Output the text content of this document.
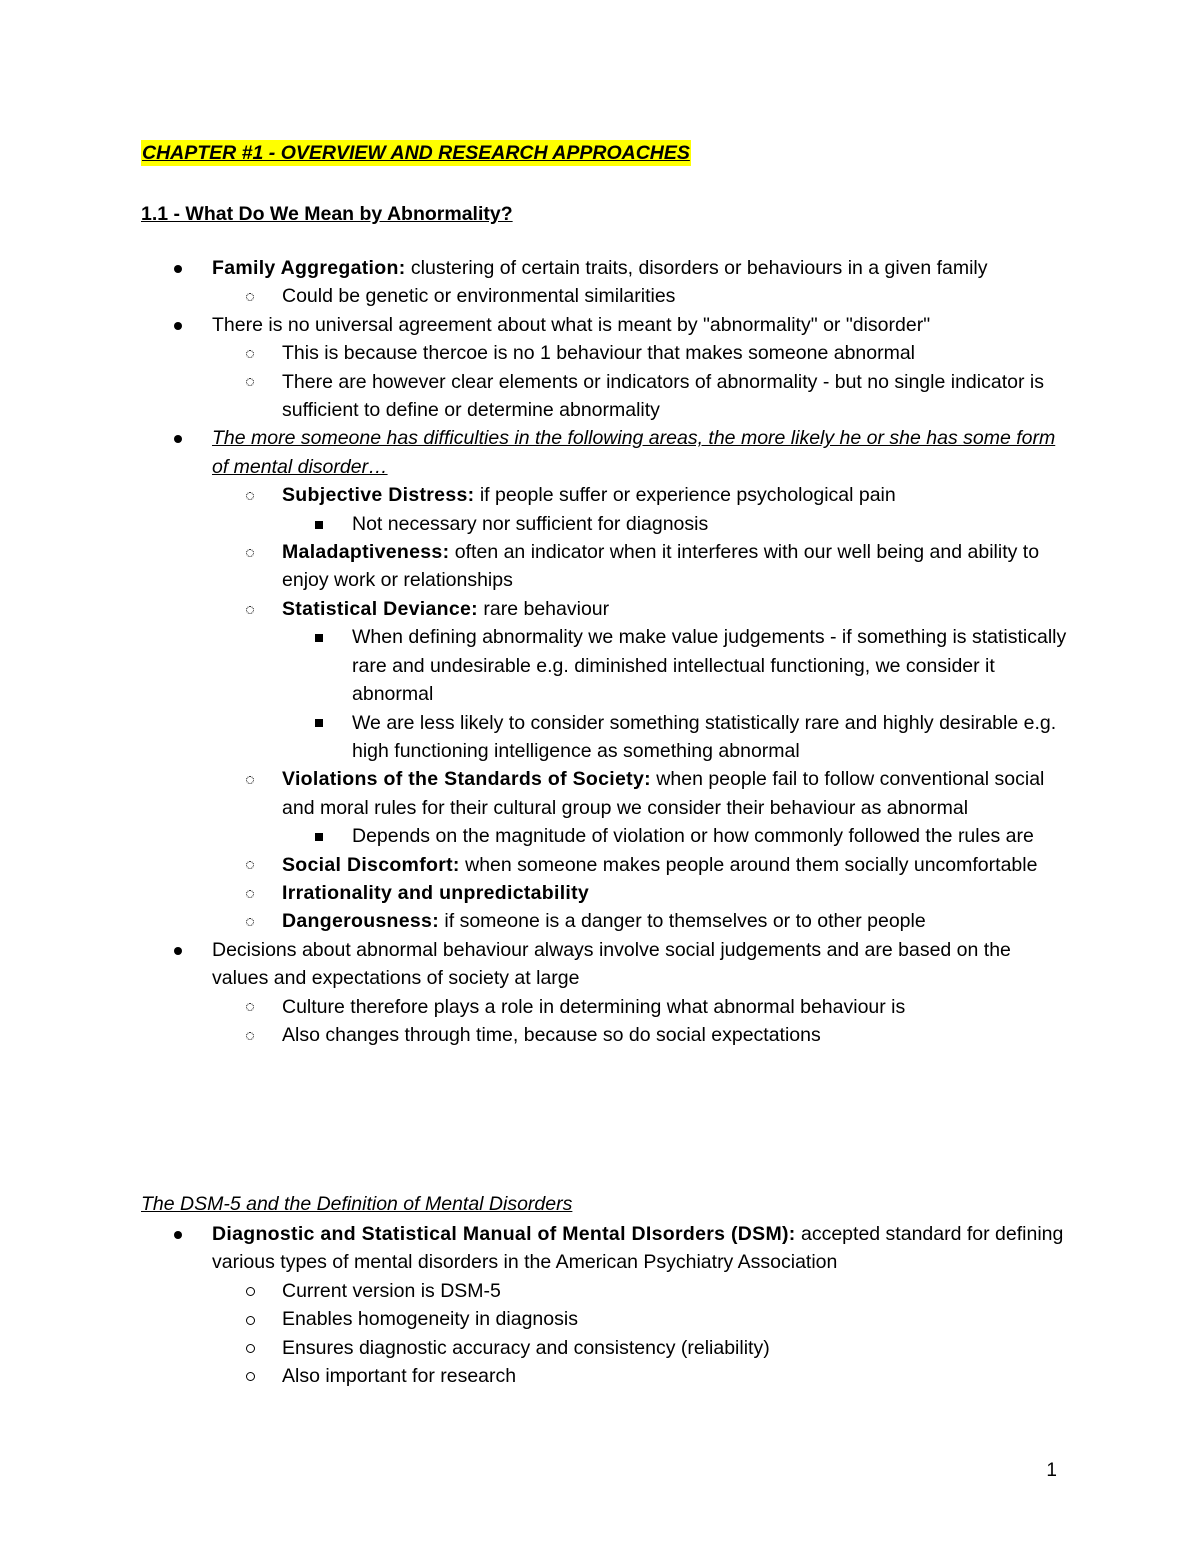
CHAPTER #1 - OVERVIEW AND RESEARCH APPROACHES
1.1 - What Do We Mean by Abnormality?
Family Aggregation: clustering of certain traits, disorders or behaviours in a given family
Could be genetic or environmental similarities
There is no universal agreement about what is meant by "abnormality" or "disorder"
This is because thercoe is no 1 behaviour that makes someone abnormal
There are however clear elements or indicators of abnormality - but no single indicator is sufficient to define or determine abnormality
The more someone has difficulties in the following areas, the more likely he or she has some form of mental disorder…
Subjective Distress: if people suffer or experience psychological pain
Not necessary nor sufficient for diagnosis
Maladaptiveness: often an indicator when it interferes with our well being and ability to enjoy work or relationships
Statistical Deviance: rare behaviour
When defining abnormality we make value judgements - if something is statistically rare and undesirable e.g. diminished intellectual functioning, we consider it abnormal
We are less likely to consider something statistically rare and highly desirable e.g. high functioning intelligence as something abnormal
Violations of the Standards of Society: when people fail to follow conventional social and moral rules for their cultural group we consider their behaviour as abnormal
Depends on the magnitude of violation or how commonly followed the rules are
Social Discomfort: when someone makes people around them socially uncomfortable
Irrationality and unpredictability
Dangerousness: if someone is a danger to themselves or to other people
Decisions about abnormal behaviour always involve social judgements and are based on the values and expectations of society at large
Culture therefore plays a role in determining what abnormal behaviour is
Also changes through time, because so do social expectations
The DSM-5 and the Definition of Mental Disorders
Diagnostic and Statistical Manual of Mental DIsorders (DSM): accepted standard for defining various types of mental disorders in the American Psychiatry Association
Current version is DSM-5
Enables homogeneity in diagnosis
Ensures diagnostic accuracy and consistency (reliability)
Also important for research
1
